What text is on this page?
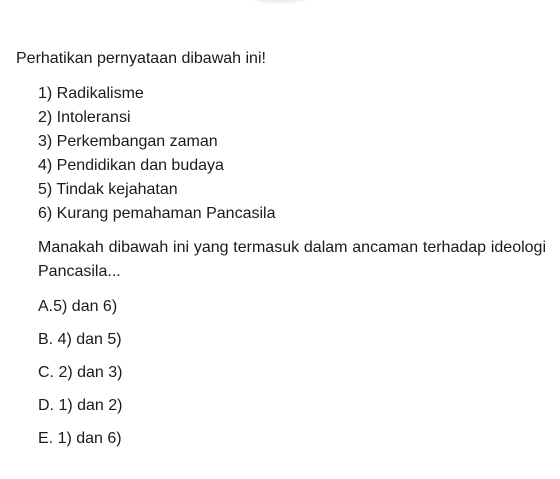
Perhatikan pernyataan dibawah ini!

1) Radikalisme
2) Intoleransi
3) Perkembangan zaman
4) Pendidikan dan budaya
5) Tindak kejahatan
6) Kurang pemahaman Pancasila

Manakah dibawah ini yang termasuk dalam ancaman terhadap ideologi Pancasila...

A.5) dan 6)
B. 4) dan 5)
C. 2) dan 3)
D. 1) dan 2)
E. 1) dan 6)
